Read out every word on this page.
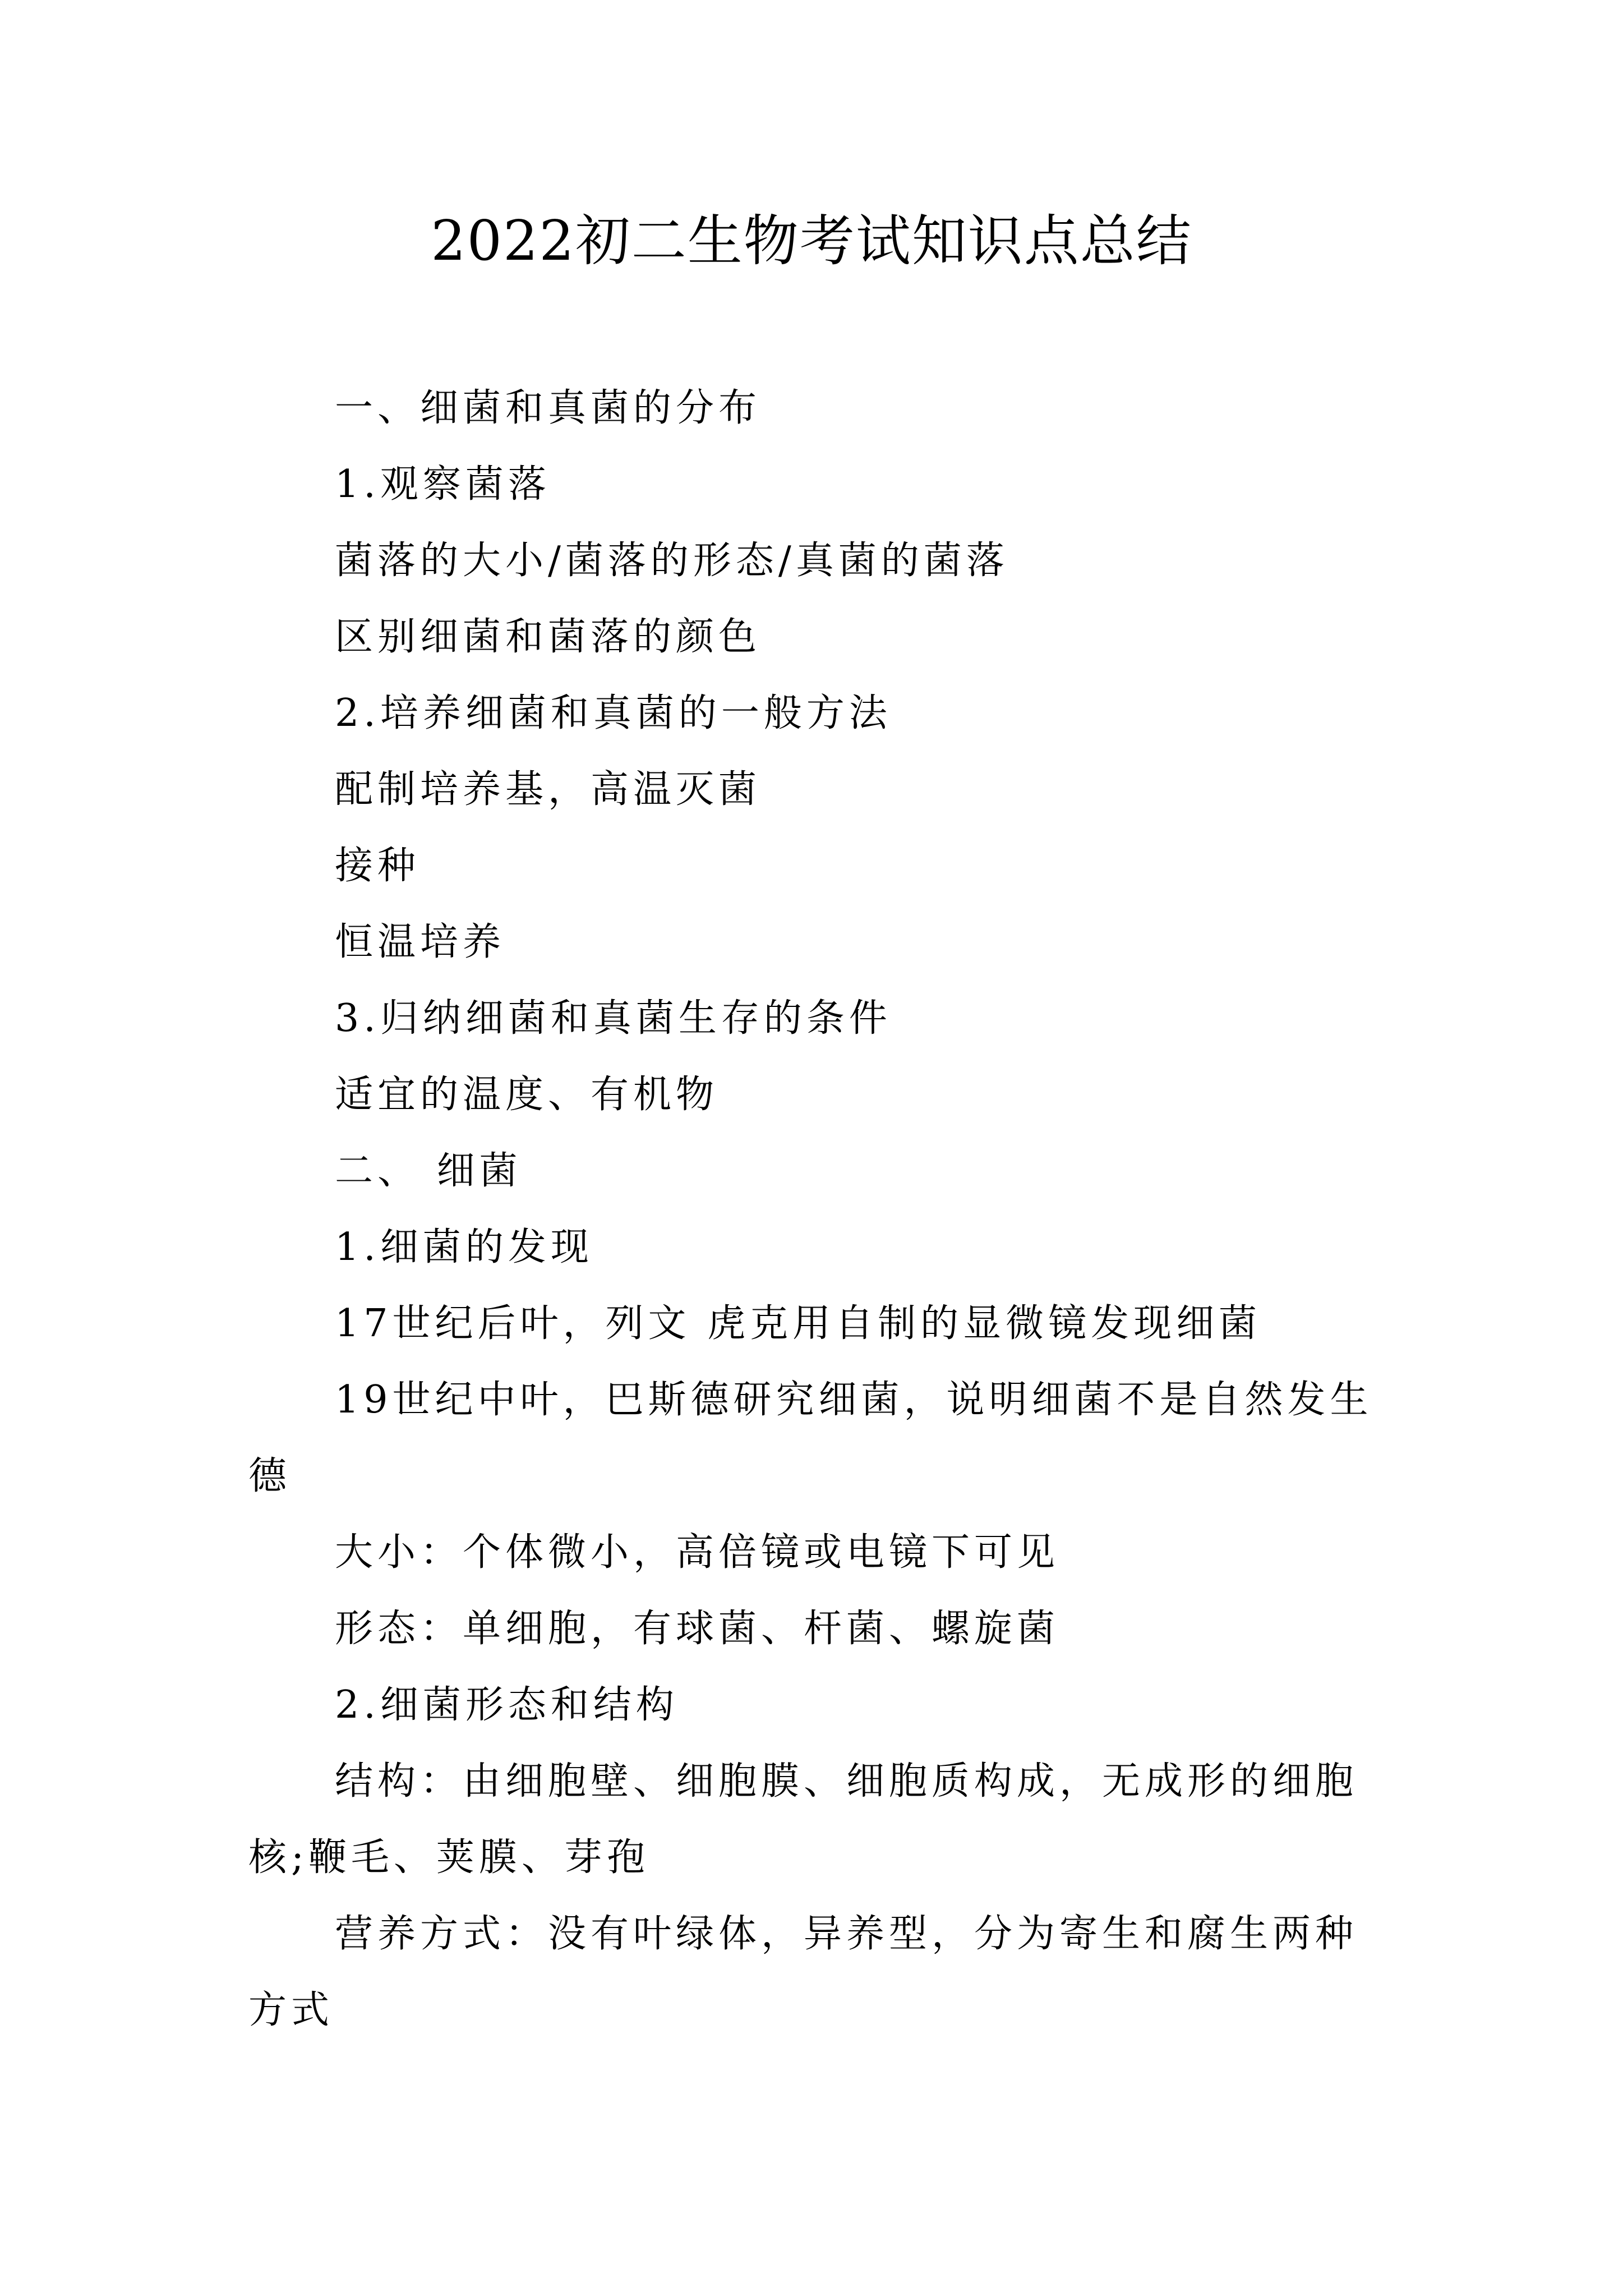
2022初二生物考试知识点总结

一、细菌和真菌的分布

1.观察菌落

菌落的大小/菌落的形态/真菌的菌落

区别细菌和菌落的颜色

2.培养细菌和真菌的一般方法

配制培养基，高温灭菌

接种

恒温培养

3.归纳细菌和真菌生存的条件

适宜的温度、有机物

二、 细菌

1.细菌的发现

17世纪后叶，列文 虎克用自制的显微镜发现细菌

19世纪中叶，巴斯德研究细菌，说明细菌不是自然发生德

大小：个体微小，高倍镜或电镜下可见

形态：单细胞，有球菌、杆菌、螺旋菌

2.细菌形态和结构

结构：由细胞壁、细胞膜、细胞质构成，无成形的细胞核;鞭毛、荚膜、芽孢

营养方式：没有叶绿体，异养型，分为寄生和腐生两种方式
